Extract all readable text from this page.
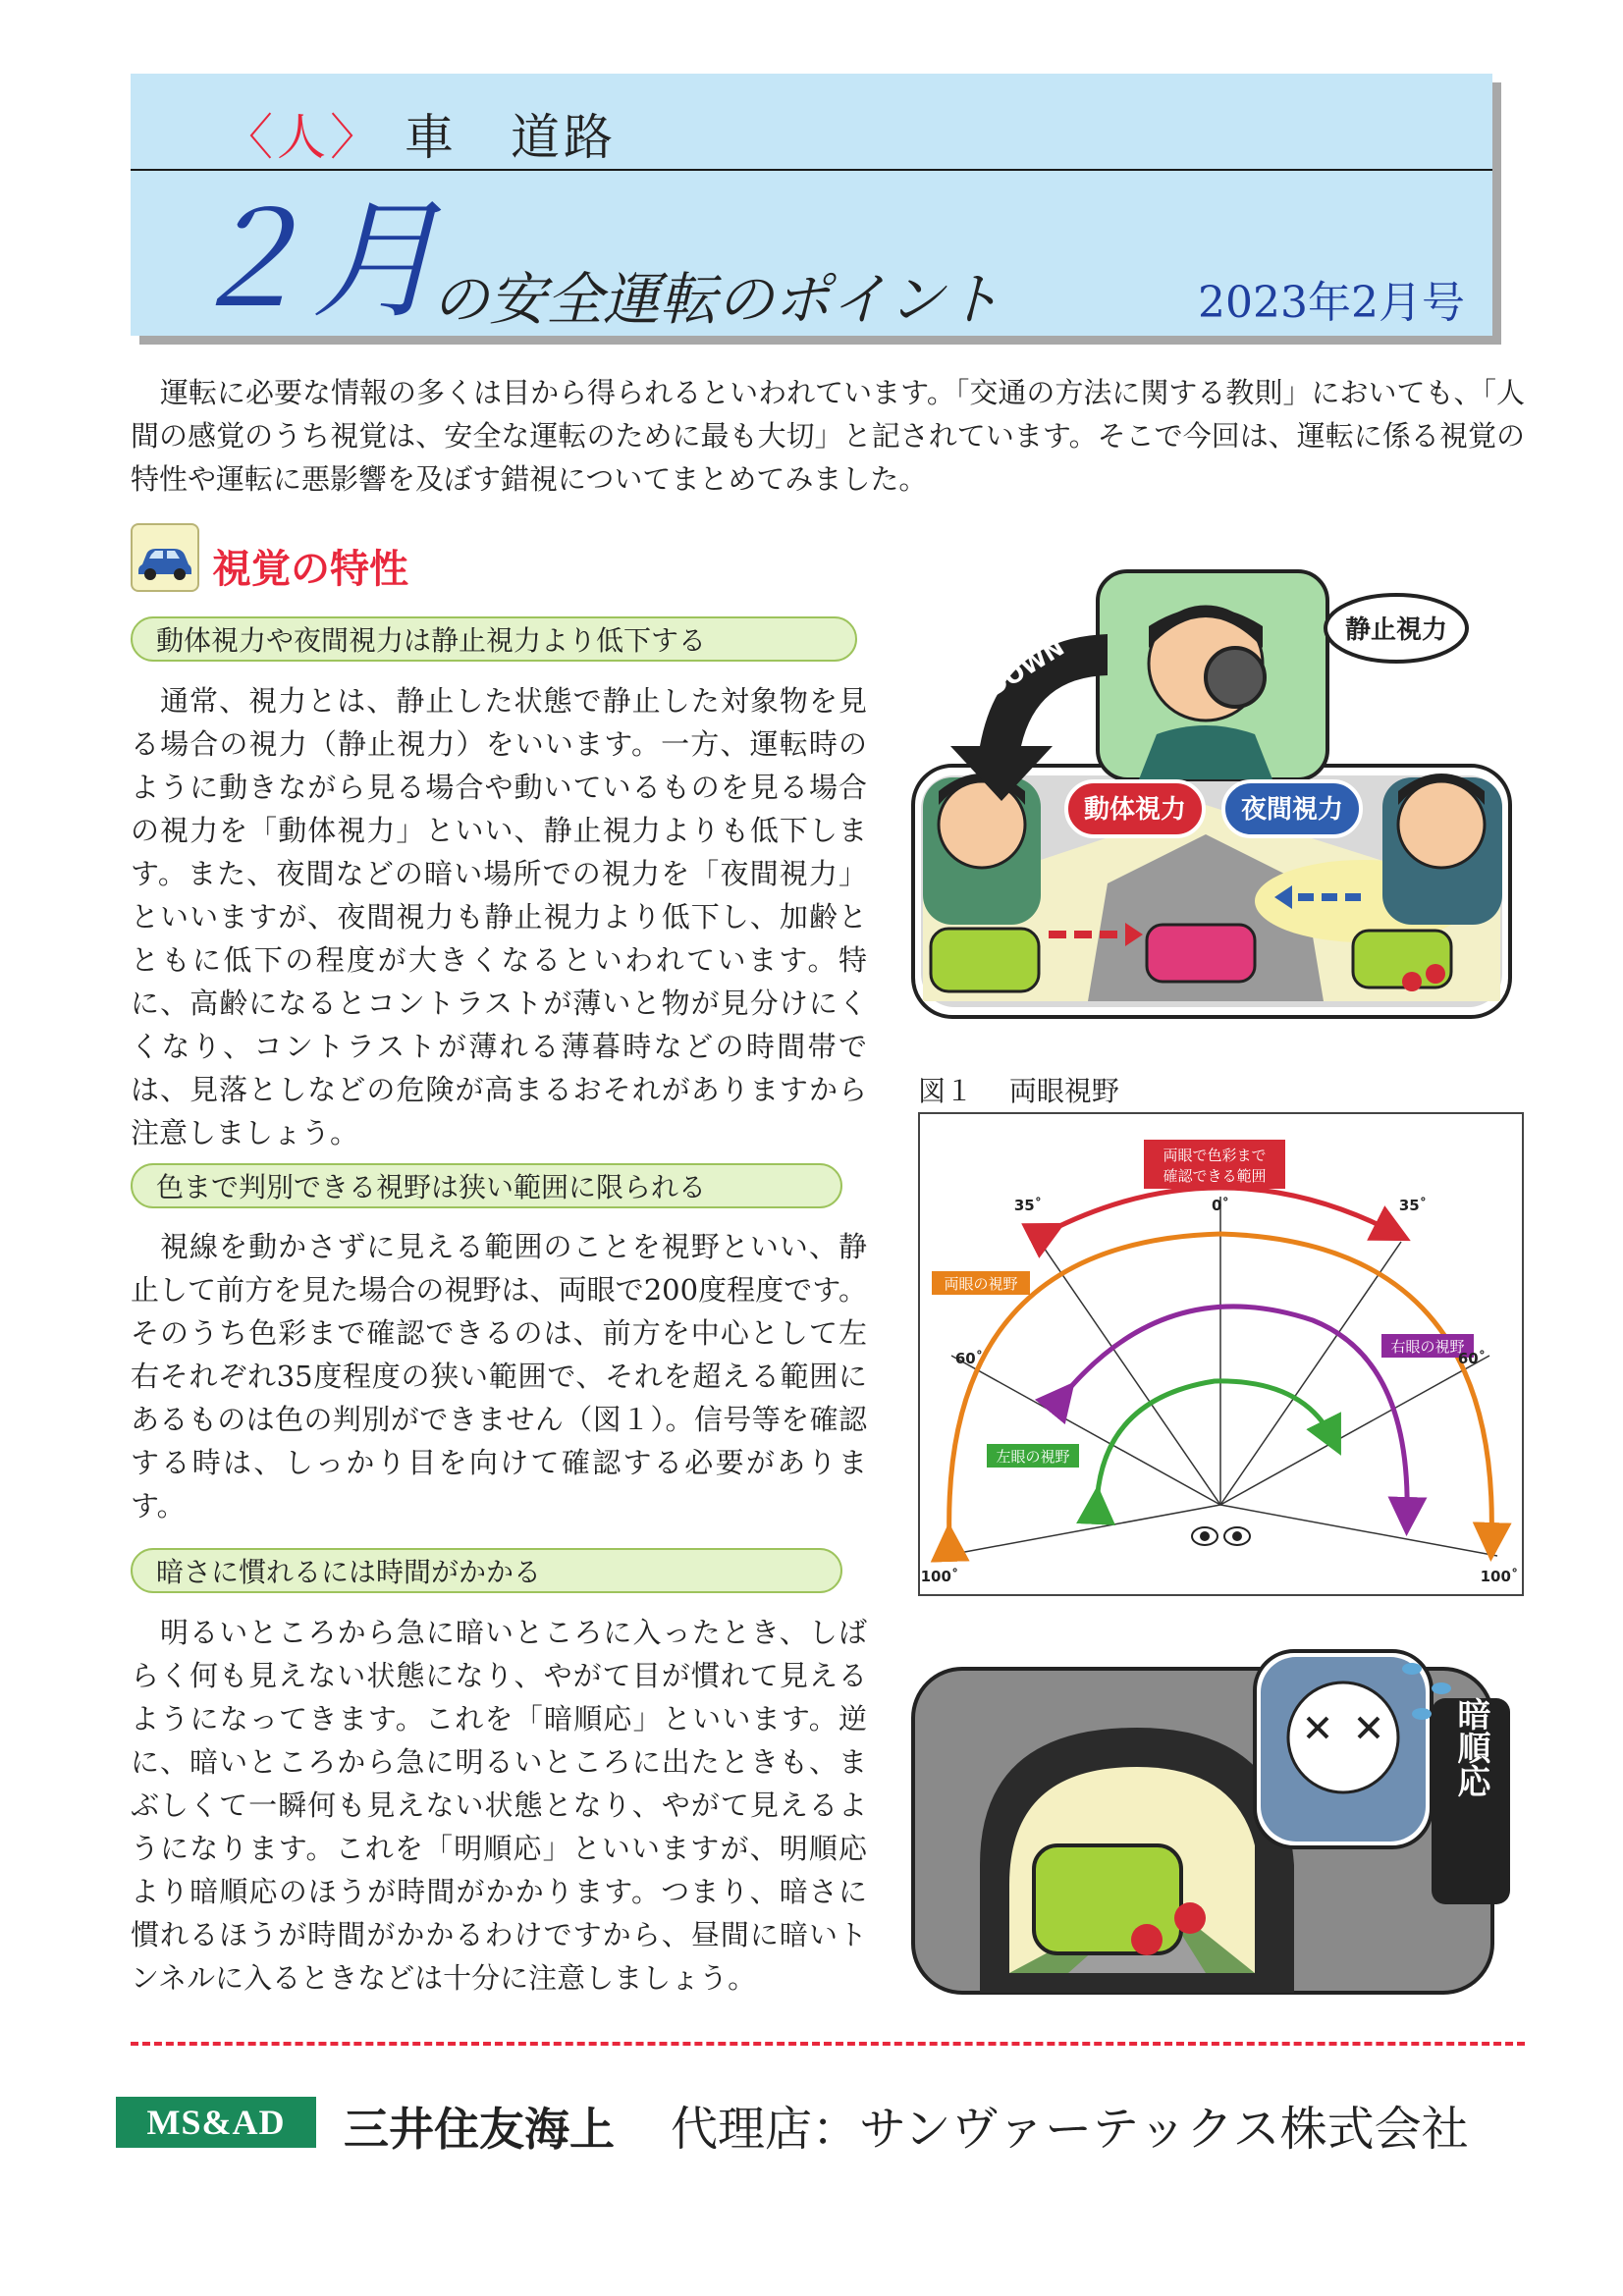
〈人〉 車　道路
２月
の安全運転のポイント	2023年2月号
運転に必要な情報の多くは目から得られるといわれています。「交通の方法に関する教則」においても、「人間の感覚のうち視覚は、安全な運転のために最も大切」と記されています。そこで今回は、運転に係る視覚の特性や運転に悪影響を及ぼす錯視についてまとめてみました。
視覚の特性
動体視力や夜間視力は静止視力より低下する
通常、視力とは、静止した状態で静止した対象物を見る場合の視力（静止視力）をいいます。一方、運転時のように動きながら見る場合や動いているものを見る場合の視力を「動体視力」といい、静止視力よりも低下します。また、夜間などの暗い場所での視力を「夜間視力」といいますが、夜間視力も静止視力より低下し、加齢とともに低下の程度が大きくなるといわれています。特に、高齢になるとコントラストが薄いと物が見分けにくくなり、コントラストが薄れる薄暮時などの時間帯では、見落としなどの危険が高まるおそれがありますから注意しましょう。
色まで判別できる視野は狭い範囲に限られる
視線を動かさずに見える範囲のことを視野といい、静止して前方を見た場合の視野は、両眼で200度程度です。そのうち色彩まで確認できるのは、前方を中心として左右それぞれ35度程度の狭い範囲で、それを超える範囲にあるものは色の判別ができません（図１）。信号等を確認する時は、しっかり目を向けて確認する必要があります。
暗さに慣れるには時間がかかる
明るいところから急に暗いところに入ったとき、しばらく何も見えない状態になり、やがて目が慣れて見えるようになってきます。これを「暗順応」といいます。逆に、暗いところから急に明るいところに出たときも、まぶしくて一瞬何も見えない状態となり、やがて見えるようになります。これを「明順応」といいますが、明順応より暗順応のほうが時間がかかります。つまり、暗さに慣れるほうが時間がかかるわけですから、昼間に暗いトンネルに入るときなどは十分に注意しましょう。
DOWN
静止視力
動体視力 夜間視力
図１　 両眼視野
両眼で色彩まで
確認できる範囲
両眼の視野
右眼の視野
左眼の視野
0˚
35˚	35˚
60˚	60˚
100˚	100˚
暗順応
MS&AD	三井住友海上 代理店：サンヴァーテックス株式会社
